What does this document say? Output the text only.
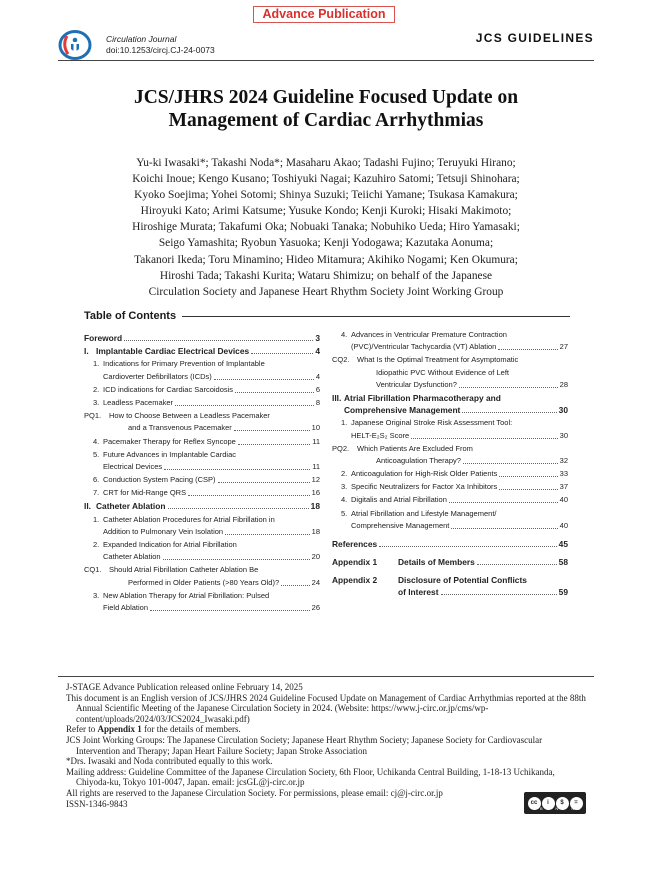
Advance Publication
Circulation Journal
doi:10.1253/circj.CJ-24-0073
JCS GUIDELINES
JCS/JHRS 2024 Guideline Focused Update on
Management of Cardiac Arrhythmias
Yu-ki Iwasaki*; Takashi Noda*; Masaharu Akao; Tadashi Fujino; Teruyuki Hirano;
Koichi Inoue; Kengo Kusano; Toshiyuki Nagai; Kazuhiro Satomi; Tetsuji Shinohara;
Kyoko Soejima; Yohei Sotomi; Shinya Suzuki; Teiichi Yamane; Tsukasa Kamakura;
Hiroyuki Kato; Arimi Katsume; Yusuke Kondo; Kenji Kuroki; Hisaki Makimoto;
Hiroshige Murata; Takafumi Oka; Nobuaki Tanaka; Nobuhiko Ueda; Hiro Yamasaki;
Seigo Yamashita; Ryobun Yasuoka; Kenji Yodogawa; Kazutaka Aonuma;
Takanori Ikeda; Toru Minamino; Hideo Mitamura; Akihiko Nogami; Ken Okumura;
Hiroshi Tada; Takashi Kurita; Wataru Shimizu; on behalf of the Japanese
Circulation Society and Japanese Heart Rhythm Society Joint Working Group
Table of Contents
Foreword	3
I. Implantable Cardiac Electrical Devices	4
1. Indications for Primary Prevention of Implantable
Cardioverter Defibrillators (ICDs)	4
2. ICD indications for Cardiac Sarcoidosis	6
3. Leadless Pacemaker	8
PQ1.	How to Choose Between a Leadless Pacemaker
and a Transvenous Pacemaker	10
4. Pacemaker Therapy for Reflex Syncope	11
5. Future Advances in Implantable Cardiac
Electrical Devices	11
6. Conduction System Pacing (CSP)	12
7. CRT for Mid-Range QRS	16
II. Catheter Ablation	18
1. Catheter Ablation Procedures for Atrial Fibrillation in
Addition to Pulmonary Vein Isolation	18
2. Expanded Indication for Atrial Fibrillation
Catheter Ablation	20
CQ1. Should Atrial Fibrillation Catheter Ablation Be
Performed in Older Patients (>80 Years Old)?	24
3. New Ablation Therapy for Atrial Fibrillation: Pulsed
Field Ablation	26
4. Advances in Ventricular Premature Contraction
(PVC)/Ventricular Tachycardia (VT) Ablation	27
CQ2. What Is the Optimal Treatment for Asymptomatic
Idiopathic PVC Without Evidence of Left
Ventricular Dysfunction?	28
III. Atrial Fibrillation Pharmacotherapy and
Comprehensive Management	30
1. Japanese Original Stroke Risk Assessment Tool:
HELT-E₂S₂ Score	30
PQ2.	Which Patients Are Excluded From
Anticoagulation Therapy?	32
2. Anticoagulation for High-Risk Older Patients	33
3. Specific Neutralizers for Factor Xa Inhibitors	37
4. Digitalis and Atrial Fibrillation	40
5. Atrial Fibrillation and Lifestyle Management/
Comprehensive Management	40
References	45
Appendix 1	Details of Members	58
Appendix 2	Disclosure of Potential Conflicts
of Interest	59

J-STAGE Advance Publication released online February 14, 2025

This document is an English version of JCS/JHRS 2024 Guideline Focused Update on Management of Cardiac Arrhythmias reported at the 88th Annual Scientific Meeting of the Japanese Circulation Society in 2024. (Website: https://www.j-circ.or.jp/cms/wp-content/uploads/2024/03/JCS2024_Iwasaki.pdf)

Refer to Appendix 1 for the details of members.

JCS Joint Working Groups: The Japanese Circulation Society; Japanese Heart Rhythm Society; Japanese Society for Cardiovascular Intervention and Therapy; Japan Heart Failure Society; Japan Stroke Association

*Drs. Iwasaki and Noda contributed equally to this work.

Mailing address: Guideline Committee of the Japanese Circulation Society, 6th Floor, Uchikanda Central Building, 1-18-13 Uchikanda, Chiyoda-ku, Tokyo 101-0047, Japan. email: jcsGL@j-circ.or.jp

All rights are reserved to the Japanese Circulation Society. For permissions, please email: cj@j-circ.or.jp

ISSN-1346-9843	cc	i	$	=
BY NC ND
